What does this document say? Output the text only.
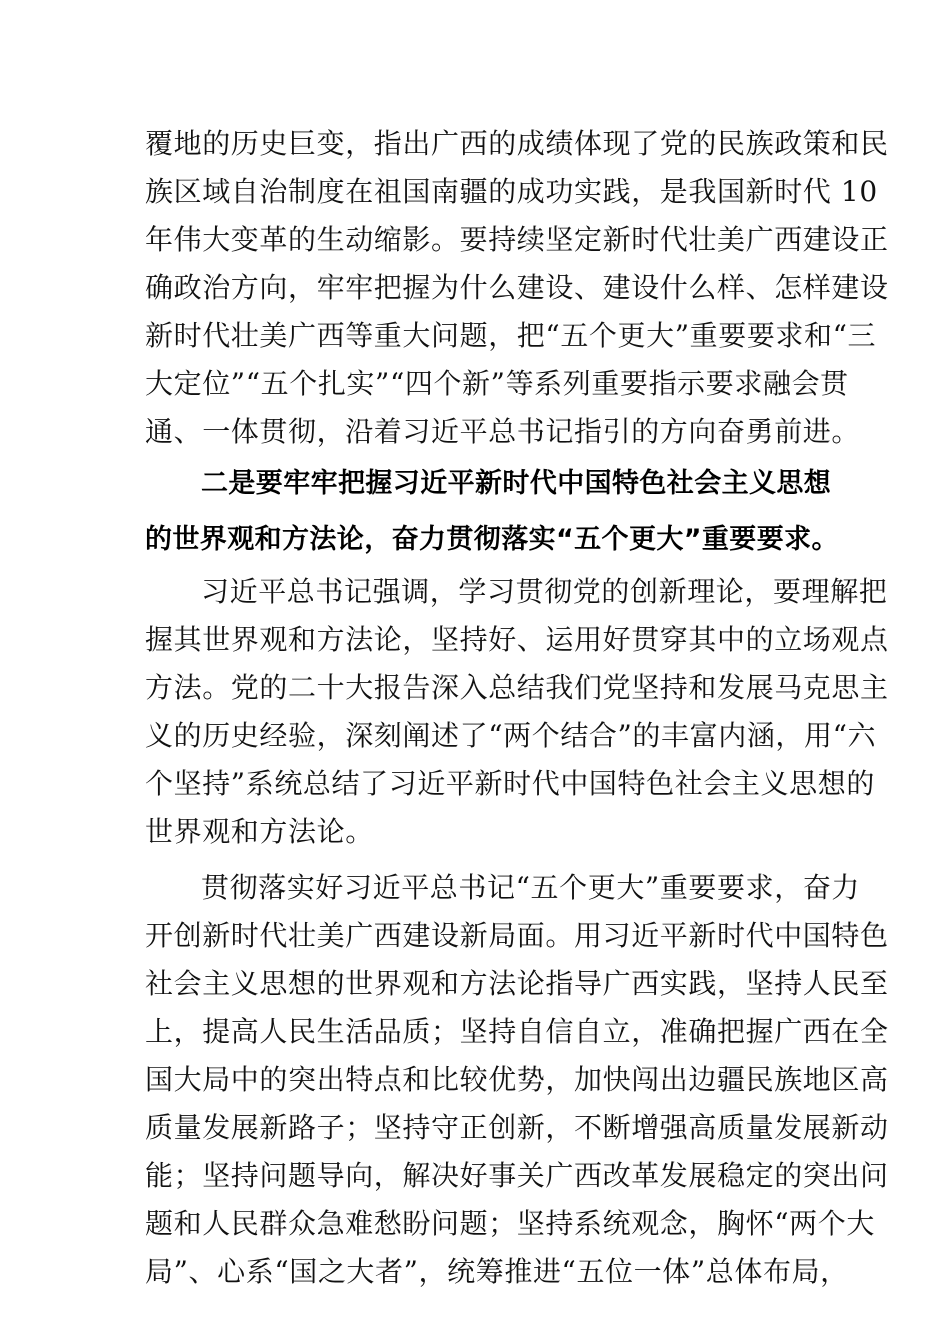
覆地的历史巨变，指出广西的成绩体现了党的民族政策和民
族区域自治制度在祖国南疆的成功实践，是我国新时代 10
年伟大变革的生动缩影。要持续坚定新时代壮美广西建设正
确政治方向，牢牢把握为什么建设、建设什么样、怎样建设
新时代壮美广西等重大问题，把“五个更大”重要要求和“三
大定位”“五个扎实”“四个新”等系列重要指示要求融会贯
通、一体贯彻，沿着习近平总书记指引的方向奋勇前进。
二是要牢牢把握习近平新时代中国特色社会主义思想
的世界观和方法论，奋力贯彻落实“五个更大”重要要求。
习近平总书记强调，学习贯彻党的创新理论，要理解把
握其世界观和方法论，坚持好、运用好贯穿其中的立场观点
方法。党的二十大报告深入总结我们党坚持和发展马克思主
义的历史经验，深刻阐述了“两个结合”的丰富内涵，用“六
个坚持”系统总结了习近平新时代中国特色社会主义思想的
世界观和方法论。
贯彻落实好习近平总书记“五个更大”重要要求，奋力
开创新时代壮美广西建设新局面。用习近平新时代中国特色
社会主义思想的世界观和方法论指导广西实践，坚持人民至
上，提高人民生活品质；坚持自信自立，准确把握广西在全
国大局中的突出特点和比较优势，加快闯出边疆民族地区高
质量发展新路子；坚持守正创新，不断增强高质量发展新动
能；坚持问题导向，解决好事关广西改革发展稳定的突出问
题和人民群众急难愁盼问题；坚持系统观念，胸怀“两个大
局”、心系“国之大者”，统筹推进“五位一体”总体布局，
